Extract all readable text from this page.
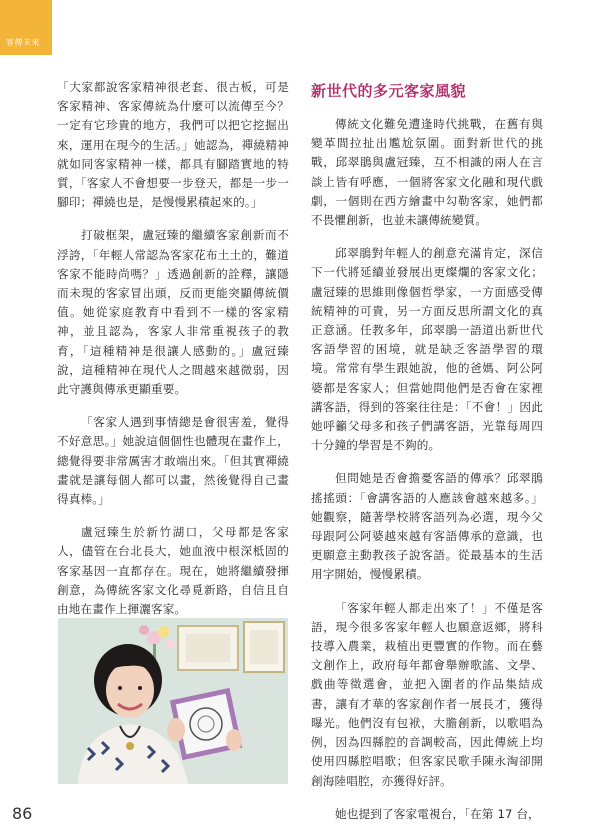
客傳未來

「大家都說客家精神很老套、很古板，可是客家精神、客家傳統為什麼可以流傳至今？一定有它珍貴的地方，我們可以把它挖掘出來，運用在現今的生活。」她認為，禪繞精神就如同客家精神一樣，都具有腳踏實地的特質，「客家人不會想要一步登天，都是一步一腳印；禪繞也是，是慢慢累積起來的。」

打破框架，盧冠臻的繼續客家創新而不浮誇，「年輕人常認為客家花布土土的，難道客家不能時尚嗎？」透過創新的詮釋，讓隱而未現的客家冒出頭，反而更能突顯傳統價值。她從家庭教育中看到不一樣的客家精神，並且認為，客家人非常重視孩子的教育，「這種精神是很讓人感動的。」盧冠臻說，這種精神在現代人之間越來越微弱，因此守護與傳承更顯重要。

「客家人遇到事情總是會很害羞，覺得不好意思。」她說這個個性也體現在畫作上，總覺得要非常厲害才敢端出來。「但其實禪繞畫就是讓每個人都可以畫，然後覺得自己畫得真棒。」

盧冠臻生於新竹湖口，父母都是客家人，儘管在台北長大，她血液中根深柢固的客家基因一直都存在。現在，她將繼續發揮創意，為傳統客家文化尋覓新路，自信且自由地在畫作上揮灑客家。

新世代的多元客家風貌

傳統文化難免遭逢時代挑戰，在舊有與變革間拉扯出尷尬氛圍。面對新世代的挑戰，邱翠鵑與盧冠臻，互不相識的兩人在言談上皆有呼應，一個將客家文化融和現代戲劇，一個則在西方繪畫中勾勒客家，她們都不畏懼創新，也並未讓傳統變質。

邱翠鵑對年輕人的創意充滿肯定，深信下一代將延續並發展出更燦爛的客家文化；盧冠臻的思維則像個哲學家，一方面感受傳統精神的可貴，另一方面反思所謂文化的真正意涵。任教多年，邱翠鵑一語道出新世代客語學習的困境，就是缺乏客語學習的環境。常常有學生跟她說，他的爸媽、阿公阿婆都是客家人；但當她問他們是否會在家裡講客語，得到的答案往往是：「不會！」因此她呼籲父母多和孩子們講客語，光靠每周四十分鐘的學習是不夠的。

但問她是否會擔憂客語的傳承？邱翠鵑搖搖頭：「會講客語的人應該會越來越多。」她觀察，隨著學校將客語列為必選，現今父母跟阿公阿婆越來越有客語傳承的意識，也更願意主動教孩子說客語。從最基本的生活用字開始，慢慢累積。

「客家年輕人都走出來了！」不僅是客語，現今很多客家年輕人也願意返鄉，將科技導入農業，栽植出更豐實的作物。而在藝文創作上，政府每年都會舉辦歌謠、文學、戲曲等徵選會，並把入圍者的作品集結成書，讓有才華的客家創作者一展長才，獲得曝光。他們沒有包袱，大膽創新，以歌唱為例，因為四縣腔的音調較高，因此傳統上均使用四縣腔唱歌；但客家民歌手陳永淘卻開創海陸唱腔，亦獲得好評。

她也提到了客家電視台，「在第 17 台，

86
